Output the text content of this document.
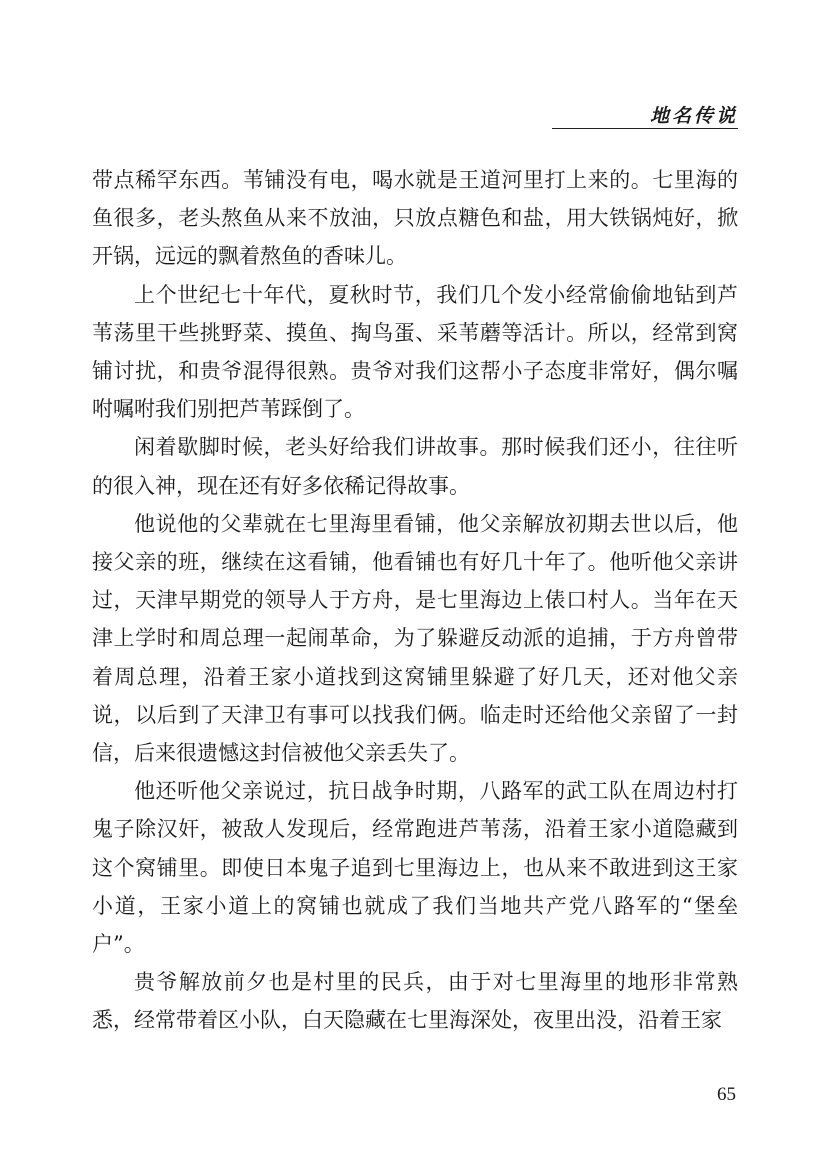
地名传说

带点稀罕东西。苇铺没有电，喝水就是王道河里打上来的。七里海的鱼很多，老头熬鱼从来不放油，只放点糖色和盐，用大铁锅炖好，掀开锅，远远的飘着熬鱼的香味儿。

上个世纪七十年代，夏秋时节，我们几个发小经常偷偷地钻到芦苇荡里干些挑野菜、摸鱼、掏鸟蛋、采苇蘑等活计。所以，经常到窝铺讨扰，和贵爷混得很熟。贵爷对我们这帮小子态度非常好，偶尔嘱咐嘱咐我们别把芦苇踩倒了。

闲着歇脚时候，老头好给我们讲故事。那时候我们还小，往往听的很入神，现在还有好多依稀记得故事。

他说他的父辈就在七里海里看铺，他父亲解放初期去世以后，他接父亲的班，继续在这看铺，他看铺也有好几十年了。他听他父亲讲过，天津早期党的领导人于方舟，是七里海边上俵口村人。当年在天津上学时和周总理一起闹革命，为了躲避反动派的追捕，于方舟曾带着周总理，沿着王家小道找到这窝铺里躲避了好几天，还对他父亲说，以后到了天津卫有事可以找我们俩。临走时还给他父亲留了一封信，后来很遗憾这封信被他父亲丢失了。

他还听他父亲说过，抗日战争时期，八路军的武工队在周边村打鬼子除汉奸，被敌人发现后，经常跑进芦苇荡，沿着王家小道隐藏到这个窝铺里。即使日本鬼子追到七里海边上，也从来不敢进到这王家小道，王家小道上的窝铺也就成了我们当地共产党八路军的“堡垒户”。

贵爷解放前夕也是村里的民兵，由于对七里海里的地形非常熟悉，经常带着区小队，白天隐藏在七里海深处，夜里出没，沿着王家

65
